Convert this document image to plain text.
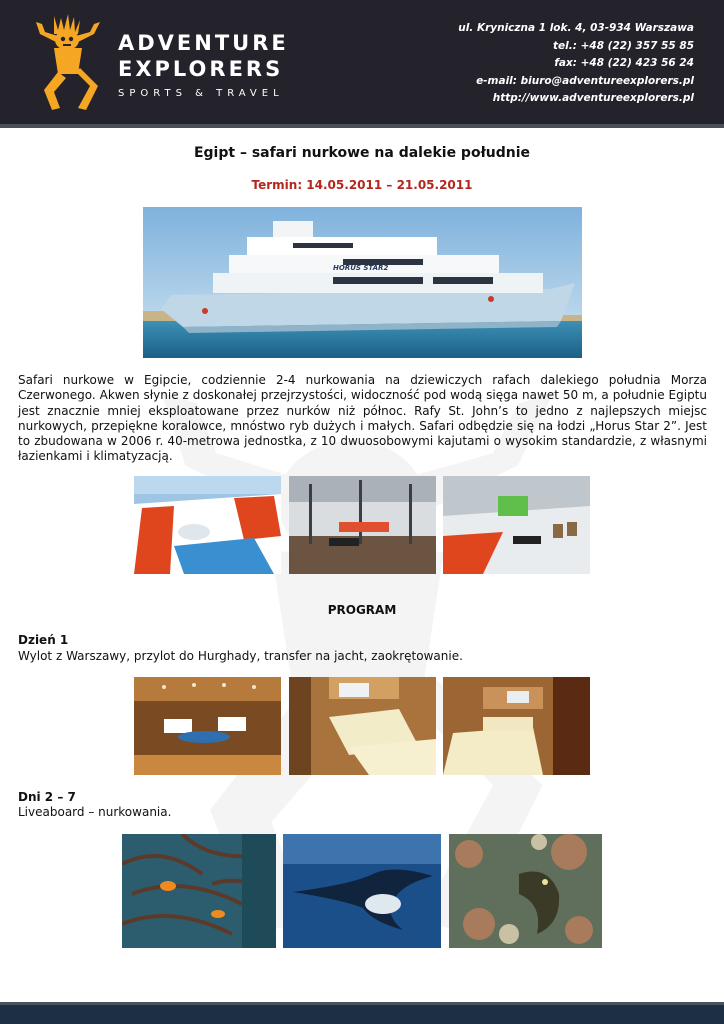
ADVENTURE
EXPLORERS
SPORTS & TRAVEL
ul. Kryniczna 1 lok. 4, 03-934 Warszawa
tel.: +48 (22) 357 55 85
fax: +48 (22) 423 56 24
e-mail: biuro@adventureexplorers.pl
http://www.adventureexplorers.pl
Egipt – safari nurkowe na dalekie południe
Termin: 14.05.2011 – 21.05.2011
HORUS STAR2

Safari nurkowe w Egipcie, codziennie 2-4 nurkowania na dziewiczych rafach dalekiego południa Morza Czerwonego. Akwen słynie z doskonałej przejrzystości, widoczność pod wodą sięga nawet 50 m, a południe Egiptu jest znacznie mniej eksploatowane przez nurków niż północ. Rafy St. John’s to jedno z najlepszych miejsc nurkowych, przepiękne koralowce, mnóstwo ryb dużych i małych. Safari odbędzie się na łodzi „Horus Star 2”. Jest to zbudowana w 2006 r. 40-metrowa jednostka, z 10 dwuosobowymi kajutami o wysokim standardzie, z własnymi łazienkami i klimatyzacją.

PROGRAM
Dzień 1
Wylot z Warszawy, przylot do Hurghady, transfer na jacht, zaokrętowanie.
Dni 2 – 7
Liveaboard – nurkowania.
